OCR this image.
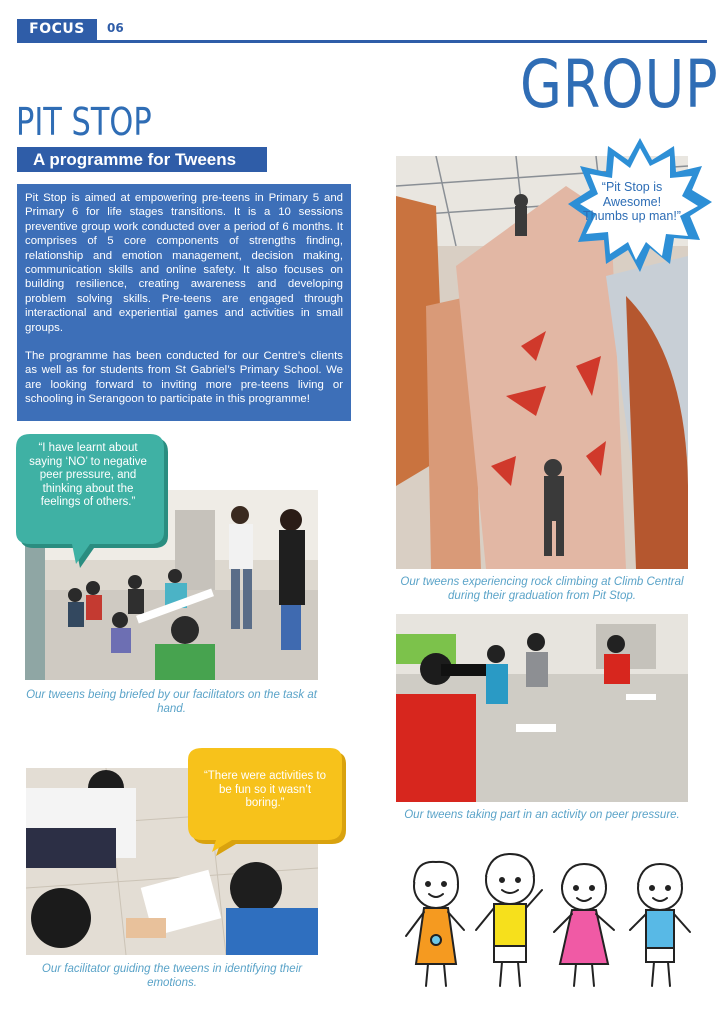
FOCUS	06
GROUP
PIT STOP
A programme for Tweens

Pit Stop is aimed at empowering pre-teens in Primary 5 and Primary 6 for life stages transitions. It is a 10 sessions preventive group work conducted over a period of 6 months. It comprises of 5 core components of strengths finding, relationship and emotion management, decision making, communication skills and online safety. It also focuses on building resilience, creating awareness and developing problem solving skills. Pre-teens are engaged through interactional and experiential games and activities in small groups.

The programme has been conducted for our Centre’s clients as well as for students from St Gabriel’s Primary School. We are looking forward to inviting more pre-teens living or schooling in Serangoon to participate in this programme!

“Pit Stop is Awesome! Thumbs up man!”
Our tweens experiencing rock climbing at Climb Central during their graduation from Pit Stop.
“I have learnt about saying ‘NO’ to negative peer pressure, and thinking about the feelings of others.”
Our tweens being briefed by our facilitators on the task at hand.
Our tweens taking part in an activity on peer pressure.
“There were activities to be fun so it wasn’t boring.”
Our facilitator guiding the tweens in identifying their emotions.
